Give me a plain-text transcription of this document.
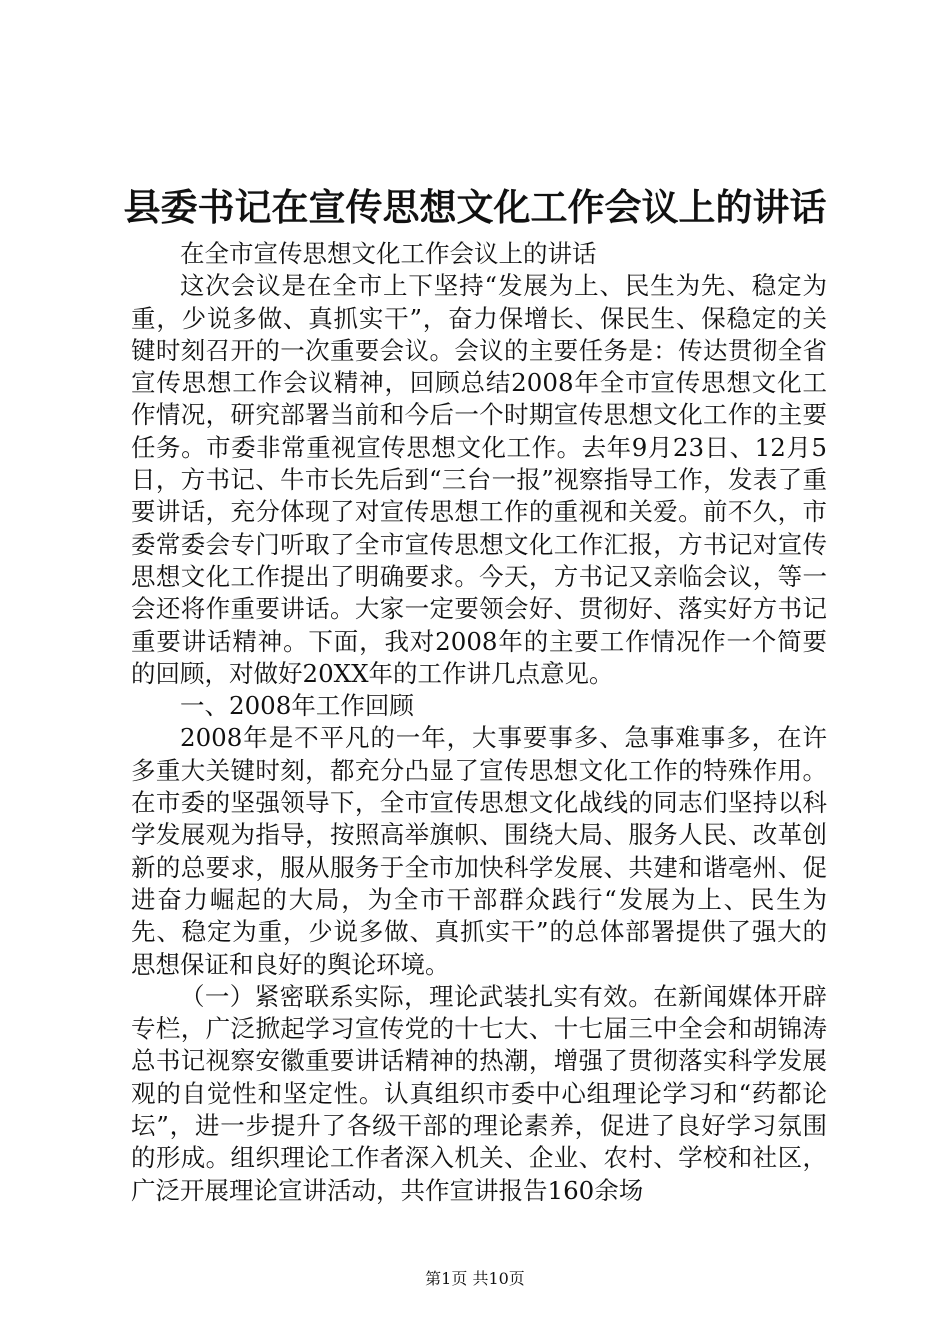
县委书记在宣传思想文化工作会议上的讲话

在全市宣传思想文化工作会议上的讲话

这次会议是在全市上下坚持“发展为上、民生为先、稳定为重，少说多做、真抓实干”，奋力保增长、保民生、保稳定的关键时刻召开的一次重要会议。会议的主要任务是：传达贯彻全省宣传思想工作会议精神，回顾总结2008年全市宣传思想文化工作情况，研究部署当前和今后一个时期宣传思想文化工作的主要任务。市委非常重视宣传思想文化工作。去年9月23日、12月5日，方书记、牛市长先后到“三台一报”视察指导工作，发表了重要讲话，充分体现了对宣传思想工作的重视和关爱。前不久，市委常委会专门听取了全市宣传思想文化工作汇报，方书记对宣传思想文化工作提出了明确要求。今天，方书记又亲临会议，等一会还将作重要讲话。大家一定要领会好、贯彻好、落实好方书记重要讲话精神。下面，我对2008年的主要工作情况作一个简要的回顾，对做好20XX年的工作讲几点意见。

一、2008年工作回顾

2008年是不平凡的一年，大事要事多、急事难事多，在许多重大关键时刻，都充分凸显了宣传思想文化工作的特殊作用。在市委的坚强领导下，全市宣传思想文化战线的同志们坚持以科学发展观为指导，按照高举旗帜、围绕大局、服务人民、改革创新的总要求，服从服务于全市加快科学发展、共建和谐亳州、促进奋力崛起的大局，为全市干部群众践行“发展为上、民生为先、稳定为重，少说多做、真抓实干”的总体部署提供了强大的思想保证和良好的舆论环境。

（一）紧密联系实际，理论武装扎实有效。在新闻媒体开辟专栏，广泛掀起学习宣传党的十七大、十七届三中全会和胡锦涛总书记视察安徽重要讲话精神的热潮，增强了贯彻落实科学发展观的自觉性和坚定性。认真组织市委中心组理论学习和“药都论坛”，进一步提升了各级干部的理论素养，促进了良好学习氛围的形成。组织理论工作者深入机关、企业、农村、学校和社区，广泛开展理论宣讲活动，共作宣讲报告160余场

第1页 共10页
